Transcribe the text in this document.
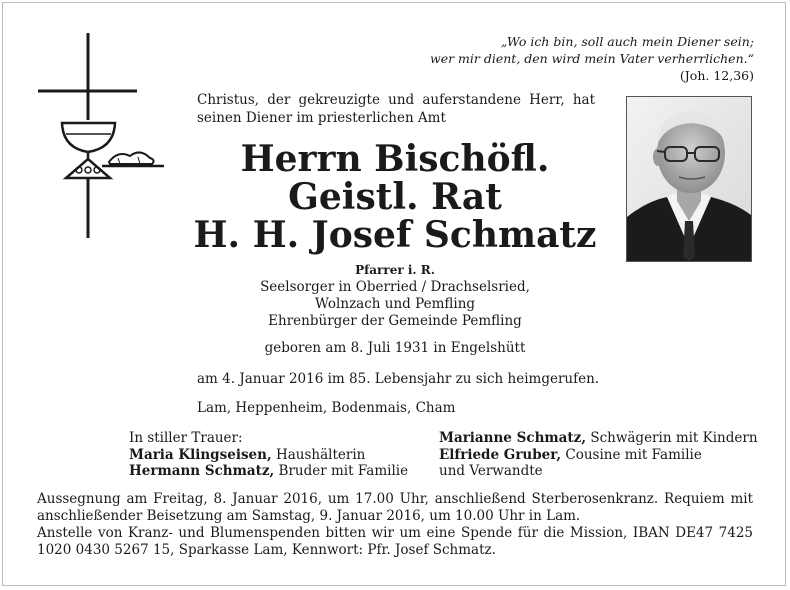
„Wo ich bin, soll auch mein Diener sein;
wer mir dient, den wird mein Vater verherrlichen.“
(Joh. 12,36)
Christus, der gekreuzigte und auferstandene Herr, hat seinen Diener im priesterlichen Amt
Herrn Bischöfl.
Geistl. Rat
H. H. Josef Schmatz
Pfarrer i. R.
Seelsorger in Oberried / Drachselsried,
Wolnzach und Pemfling
Ehrenbürger der Gemeinde Pemfling
geboren am 8. Juli 1931 in Engelshütt
am 4. Januar 2016 im 85. Lebensjahr zu sich heimgerufen.
Lam, Heppenheim, Bodenmais, Cham
In stiller Trauer:
Maria Klingseisen, Haushälterin
Hermann Schmatz, Bruder mit Familie
Marianne Schmatz, Schwägerin mit Kindern
Elfriede Gruber, Cousine mit Familie
und Verwandte

Aussegnung am Freitag, 8. Januar 2016, um 17.00 Uhr, anschließend Sterberosenkranz. Requiem mit anschließender Beisetzung am Samstag, 9. Januar 2016, um 10.00 Uhr in Lam.

Anstelle von Kranz- und Blumenspenden bitten wir um eine Spende für die Mission, IBAN DE47 7425 1020 0430 5267 15, Sparkasse Lam, Kennwort: Pfr. Josef Schmatz.
